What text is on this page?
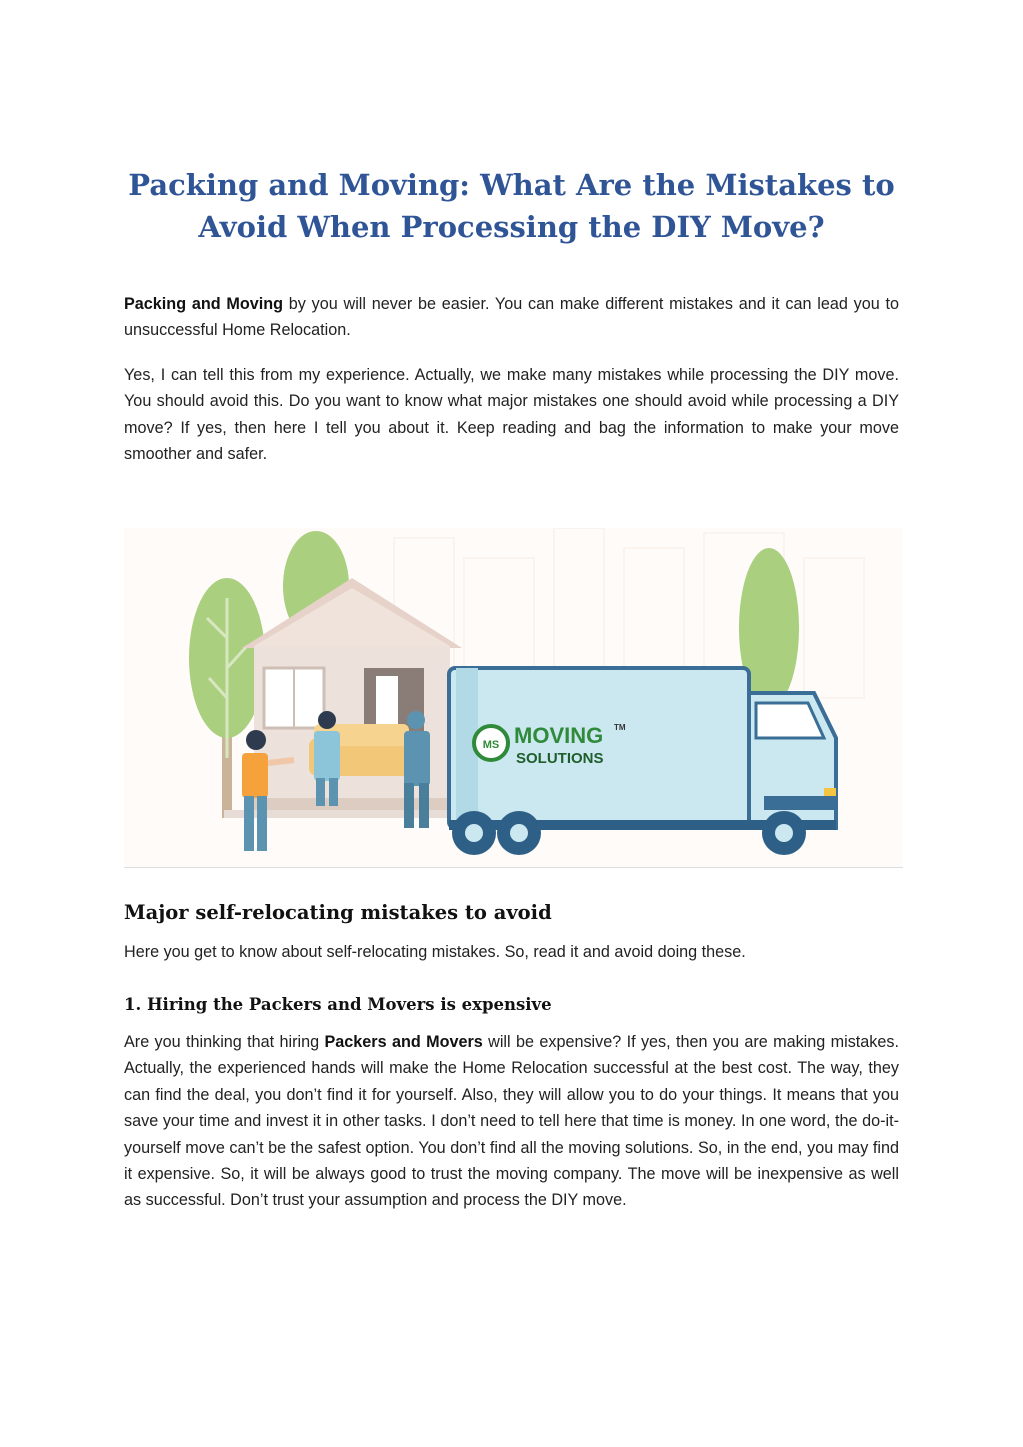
Packing and Moving: What Are the Mistakes to Avoid When Processing the DIY Move?

Packing and Moving by you will never be easier. You can make different mistakes and it can lead you to unsuccessful Home Relocation.

Yes, I can tell this from my experience. Actually, we make many mistakes while processing the DIY move. You should avoid this. Do you want to know what major mistakes one should avoid while processing a DIY move? If yes, then here I tell you about it. Keep reading and bag the information to make your move smoother and safer.

MS MOVING
SOLUTIONS
TM
Major self-relocating mistakes to avoid

Here you get to know about self-relocating mistakes. So, read it and avoid doing these.

1. Hiring the Packers and Movers is expensive

Are you thinking that hiring Packers and Movers will be expensive? If yes, then you are making mistakes. Actually, the experienced hands will make the Home Relocation successful at the best cost. The way, they can find the deal, you don’t find it for yourself. Also, they will allow you to do your things. It means that you save your time and invest it in other tasks. I don’t need to tell here that time is money. In one word, the do-it-yourself move can’t be the safest option. You don’t find all the moving solutions. So, in the end, you may find it expensive. So, it will be always good to trust the moving company. The move will be inexpensive as well as successful. Don’t trust your assumption and process the DIY move.
